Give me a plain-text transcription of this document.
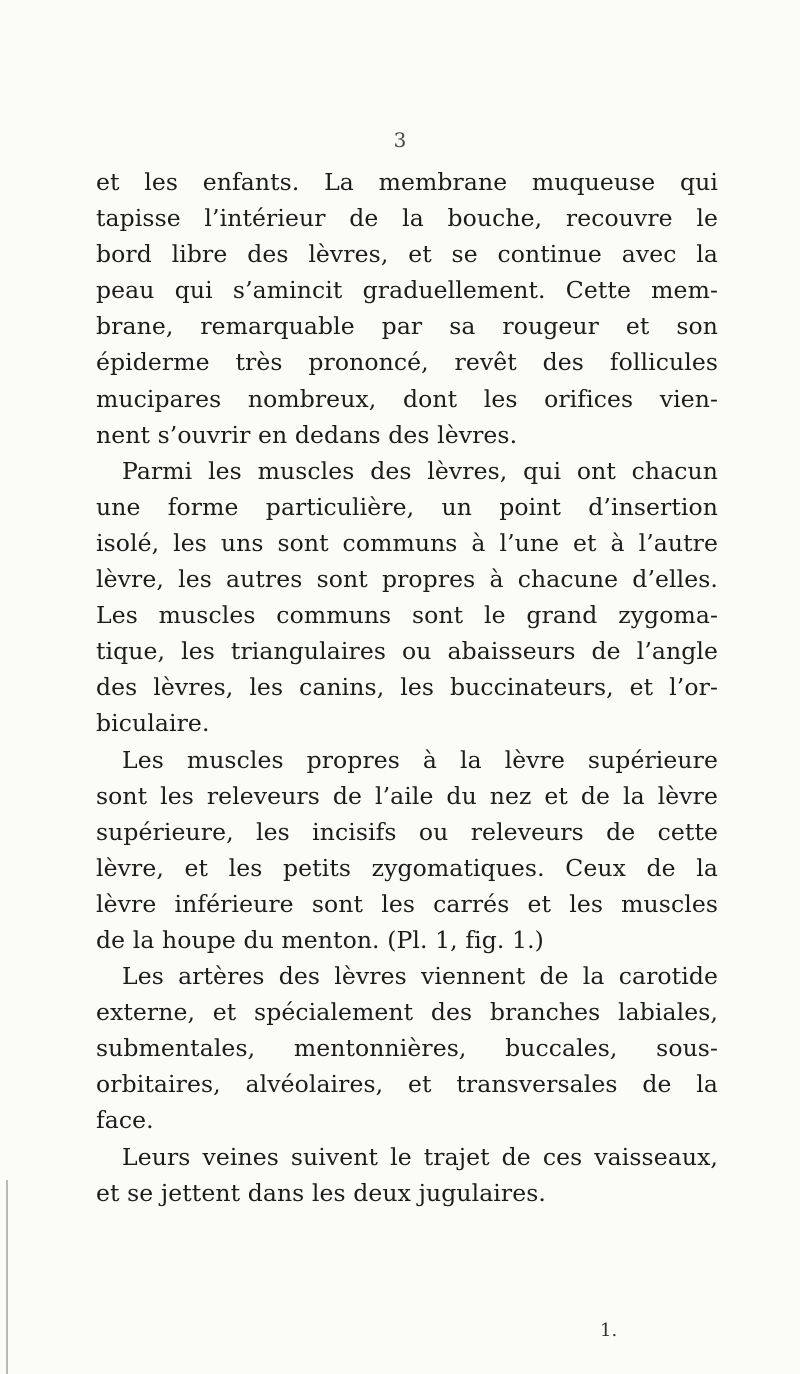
3
et les enfants. La membrane muqueuse qui
tapisse l’intérieur de la bouche, recouvre le
bord libre des lèvres, et se continue avec la
peau qui s’amincit graduellement. Cette mem-
brane, remarquable par sa rougeur et son
épiderme très prononcé, revêt des follicules
mucipares nombreux, dont les orifices vien-
nent s’ouvrir en dedans des lèvres.
Parmi les muscles des lèvres, qui ont chacun
une forme particulière, un point d’insertion
isolé, les uns sont communs à l’une et à l’autre
lèvre, les autres sont propres à chacune d’elles.
Les muscles communs sont le grand zygoma-
tique, les triangulaires ou abaisseurs de l’angle
des lèvres, les canins, les buccinateurs, et l’or-
biculaire.
Les muscles propres à la lèvre supérieure
sont les releveurs de l’aile du nez et de la lèvre
supérieure, les incisifs ou releveurs de cette
lèvre, et les petits zygomatiques. Ceux de la
lèvre inférieure sont les carrés et les muscles
de la houpe du menton. (Pl. 1, fig. 1.)
Les artères des lèvres viennent de la carotide
externe, et spécialement des branches labiales,
submentales, mentonnières, buccales, sous-
orbitaires, alvéolaires, et transversales de la
face.
Leurs veines suivent le trajet de ces vaisseaux,
et se jettent dans les deux jugulaires.
1.
